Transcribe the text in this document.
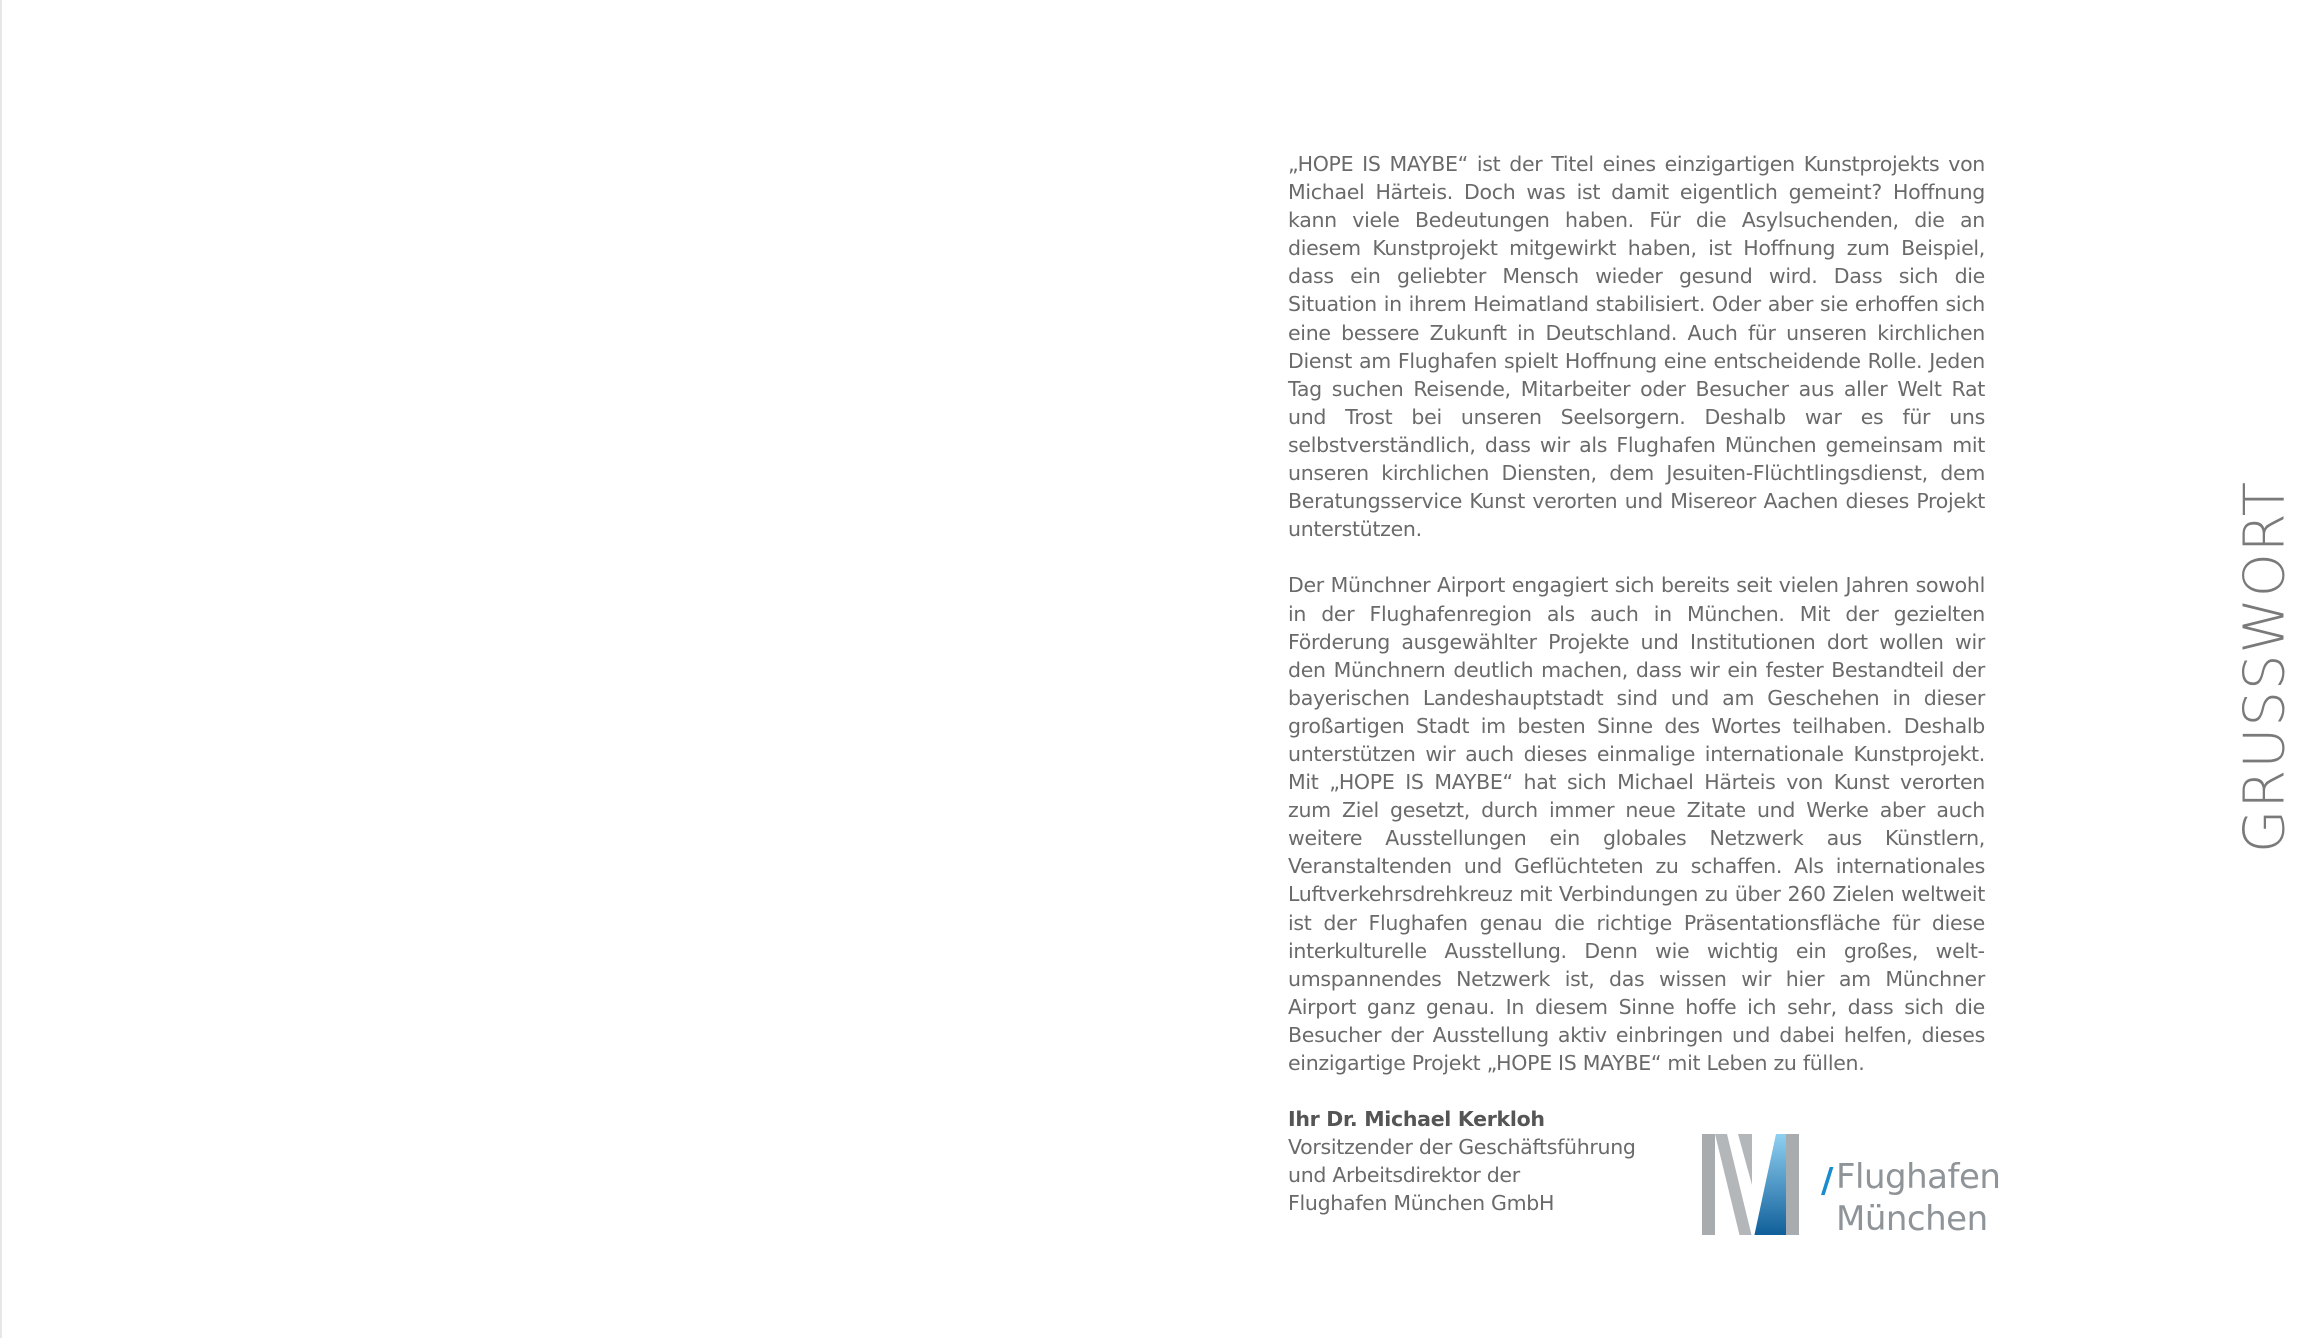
„HOPE IS MAYBE“ ist der Titel eines einzigartigen Kunstprojekts von Michael Härteis. Doch was ist damit eigentlich gemeint? Hoffnung kann viele Bedeutungen haben. Für die Asylsuchenden, die an diesem Kunstprojekt mitgewirkt haben, ist Hoffnung zum Beispiel, dass ein geliebter Mensch wieder gesund wird. Dass sich die Situation in ihrem Heimatland stabilisiert. Oder aber sie erhoffen sich eine bessere Zukunft in Deutschland. Auch für unseren kirchlichen Dienst am Flughafen spielt Hoffnung eine entscheidende Rolle. Jeden Tag suchen Reisende, Mitarbeiter oder Besucher aus aller Welt Rat und Trost bei unseren Seelsorgern. Deshalb war es für uns selbstverständlich, dass wir als Flughafen München gemeinsam mit unseren kirchlichen Diensten, dem Jesuiten-Flüchtlingsdienst, dem Beratungsservice Kunst verorten und Misereor Aachen dieses Projekt unterstützen.

Der Münchner Airport engagiert sich bereits seit vielen Jahren sowohl in der Flughafenregion als auch in München. Mit der gezielten Förderung ausgewählter Projekte und Institutionen dort wollen wir den Münchnern deutlich machen, dass wir ein fester Bestandteil der bayerischen Landeshauptstadt sind und am Geschehen in dieser großartigen Stadt im besten Sinne des Wortes teilhaben. Deshalb unterstützen wir auch dieses einmalige internationale Kunstprojekt. Mit „HOPE IS MAYBE“ hat sich Michael Härteis von Kunst verorten zum Ziel gesetzt, durch immer neue Zitate und Werke aber auch weitere Ausstellungen ein globales Netzwerk aus Künstlern, Veranstaltenden und Geflüchteten zu schaffen. Als internationales Luftverkehrsdrehkreuz mit Verbindungen zu über 260 Zielen weltweit ist der Flughafen genau die richtige Präsentationsfläche für diese interkulturelle Ausstellung. Denn wie wichtig ein großes, weltumspannendes Netzwerk ist, das wissen wir hier am Münchner Airport ganz genau. In diesem Sinne hoffe ich sehr, dass sich die Besucher der Ausstellung aktiv einbringen und dabei helfen, dieses einzigartige Projekt „HOPE IS MAYBE“ mit Leben zu füllen.

Ihr Dr. Michael Kerkloh

Vorsitzender der Geschäftsführung

und Arbeitsdirektor der

Flughafen München GmbH

GRUSSWORT
/ Flughafen
München
